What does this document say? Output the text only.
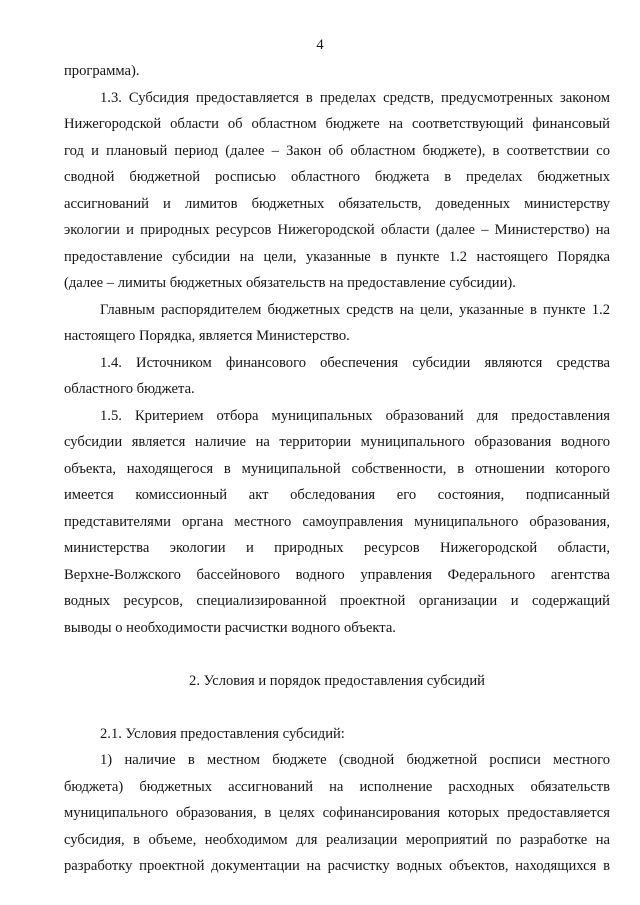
4

программа).

1.3. Субсидия предоставляется в пределах средств, предусмотренных законом
Нижегородской области об областном бюджете на соответствующий финансовый
год и плановый период (далее – Закон об областном бюджете), в соответствии со
сводной бюджетной росписью областного бюджета в пределах бюджетных
ассигнований и лимитов бюджетных обязательств, доведенных министерству
экологии и природных ресурсов Нижегородской области (далее – Министерство) на
предоставление субсидии на цели, указанные в пункте 1.2 настоящего Порядка
(далее – лимиты бюджетных обязательств на предоставление субсидии).

Главным распорядителем бюджетных средств на цели, указанные в пункте 1.2
настоящего Порядка, является Министерство.

1.4. Источником финансового обеспечения субсидии являются средства
областного бюджета.

1.5. Критерием отбора муниципальных образований для предоставления
субсидии является наличие на территории муниципального образования водного
объекта, находящегося в муниципальной собственности, в отношении которого
имеется комиссионный акт обследования его состояния, подписанный
представителями органа местного самоуправления муниципального образования,
министерства экологии и природных ресурсов Нижегородской области,
Верхне-Волжского бассейнового водного управления Федерального агентства
водных ресурсов, специализированной проектной организации и содержащий
выводы о необходимости расчистки водного объекта.

2. Условия и порядок предоставления субсидий

2.1. Условия предоставления субсидий:

1) наличие в местном бюджете (сводной бюджетной росписи местного
бюджета) бюджетных ассигнований на исполнение расходных обязательств
муниципального образования, в целях софинансирования которых предоставляется
субсидия, в объеме, необходимом для реализации мероприятий по разработке на
разработку проектной документации на расчистку водных объектов, находящихся в
